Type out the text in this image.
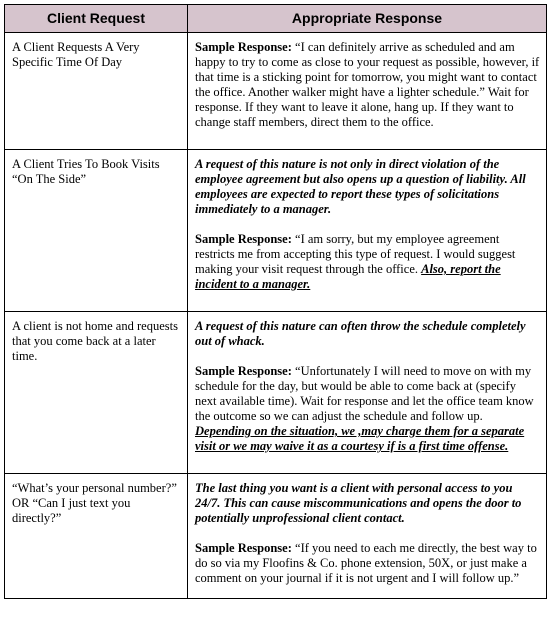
Client Request	Appropriate Response
A Client Requests A Very Specific Time Of Day	Sample Response: “I can definitely arrive as scheduled and am happy to try to come as close to your request as possible, however, if that time is a sticking point for tomorrow, you might want to contact the office. Another walker might have a lighter schedule.” Wait for response. If they want to leave it alone, hang up. If they want to change staff members, direct them to the office.

A Client Tries To Book Visits “On The Side”	A request of this nature is not only in direct violation of the employee agreement but also opens up a question of liability. All employees are expected to report these types of solicitations immediately to a manager.

Sample Response: “I am sorry, but my employee agreement restricts me from accepting this type of request. I would suggest making your visit request through the office. Also, report the incident to a manager.

A client is not home and requests that you come back at a later time.	A request of this nature can often throw the schedule completely out of whack.

Sample Response: “Unfortunately I will need to move on with my schedule for the day, but would be able to come back at (specify next available time). Wait for response and let the office team know the outcome so we can adjust the schedule and follow up. Depending on the situation, we ,may charge them for a separate visit or we may waive it as a courtesy if is a first time offense.

“What’s your personal number?” OR “Can I just text you directly?”	The last thing you want is a client with personal access to you 24/7. This can cause miscommunications and opens the door to potentially unprofessional client contact.

Sample Response: “If you need to each me directly, the best way to do so via my Floofins & Co. phone extension, 50X, or just make a comment on your journal if it is not urgent and I will follow up.”
